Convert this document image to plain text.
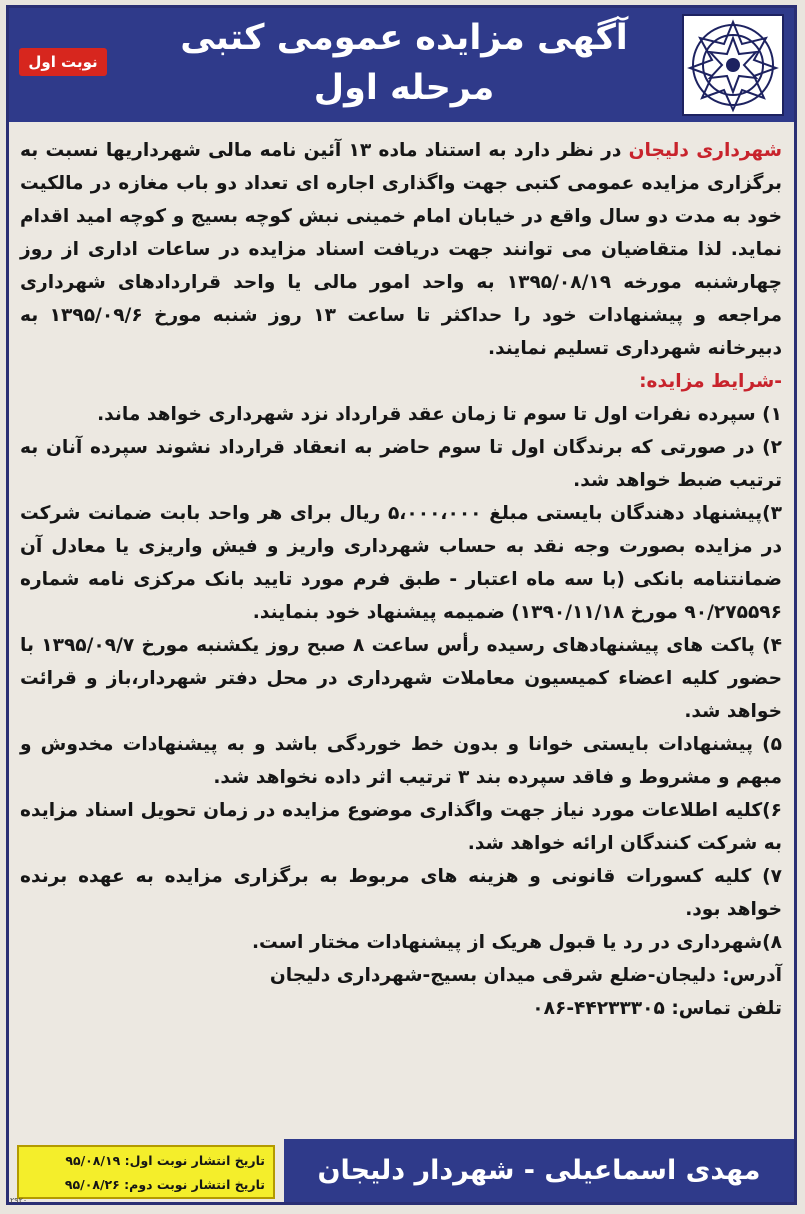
آگهی مزایده عمومی کتبی
مرحله اول
نوبت اول

شهرداری دلیجان در نظر دارد به استناد ماده ۱۳ آئین نامه مالی شهرداریها نسبت به برگزاری مزایده عمومی کتبی جهت واگذاری اجاره ای تعداد دو باب مغازه در مالکیت خود به مدت دو سال واقع در خیابان امام خمینی نبش کوچه بسیج و کوچه امید اقدام نماید. لذا متقاضیان می توانند جهت دریافت اسناد مزایده در ساعات اداری از روز چهارشنبه مورخه ۱۳۹۵/۰۸/۱۹ به واحد امور مالی یا واحد قراردادهای شهرداری مراجعه و پیشنهادات خود را حداکثر تا ساعت ۱۳ روز شنبه مورخ ۱۳۹۵/۰۹/۶ به دبیرخانه شهرداری تسلیم نمایند.

-شرایط مزایده:

۱) سپرده نفرات اول تا سوم تا زمان عقد قرارداد نزد شهرداری خواهد ماند.

۲) در صورتی که برندگان اول تا سوم حاضر به انعقاد قرارداد نشوند سپرده آنان به ترتیب ضبط خواهد شد.

۳)پیشنهاد دهندگان بایستی مبلغ ۵،۰۰۰،۰۰۰ ریال برای هر واحد بابت ضمانت شرکت در مزایده بصورت وجه نقد به حساب شهرداری واریز و فیش واریزی یا معادل آن ضمانتنامه بانکی (با سه ماه اعتبار - طبق فرم مورد تایید بانک مرکزی نامه شماره ۹۰/۲۷۵۵۹۶ مورخ ۱۳۹۰/۱۱/۱۸) ضمیمه پیشنهاد خود بنمایند.

۴) پاکت های پیشنهادهای رسیده رأس ساعت ۸ صبح روز یکشنبه مورخ ۱۳۹۵/۰۹/۷ با حضور کلیه اعضاء کمیسیون معاملات شهرداری در محل دفتر شهردار،باز و قرائت خواهد شد.

۵) پیشنهادات بایستی خوانا و بدون خط خوردگی باشد و به پیشنهادات مخدوش و مبهم و مشروط و فاقد سپرده بند ۳ ترتیب اثر داده نخواهد شد.

۶)کلیه اطلاعات مورد نیاز جهت واگذاری موضوع مزایده در زمان تحویل اسناد مزایده به شرکت کنندگان ارائه خواهد شد.

۷) کلیه کسورات قانونی و هزینه های مربوط به برگزاری مزایده به عهده برنده خواهد بود.

۸)شهرداری در رد یا قبول هریک از پیشنهادات مختار است.

آدرس: دلیجان-ضلع شرقی میدان بسیج-شهرداری دلیجان

تلفن تماس: ۴۴۲۳۳۳۰۵-۰۸۶

تاریخ انتشار نوبت اول: ۹۵/۰۸/۱۹
تاریخ انتشار نوبت دوم: ۹۵/۰۸/۲۶	مهدی اسماعیلی - شهردار دلیجان
۲۹۲۰
